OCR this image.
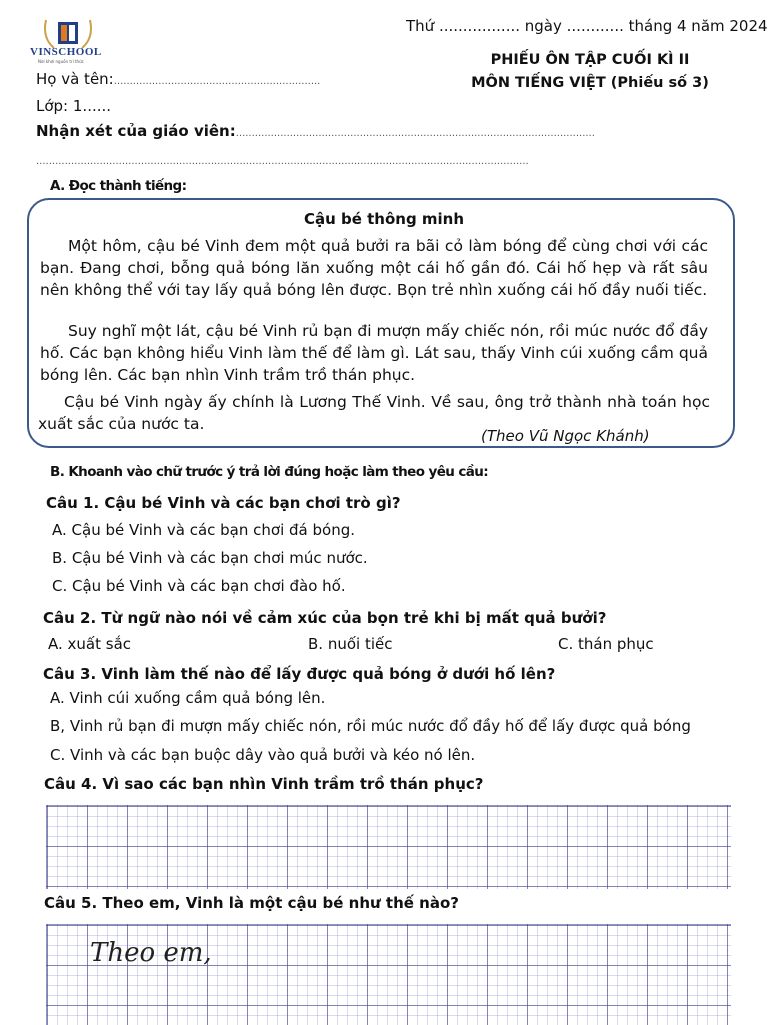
VINSCHOOL
Nơi khơi nguồn tri thức
Thứ ................. ngày ............ tháng 4 năm 2024
PHIẾU ÔN TẬP CUỐI KÌ II
MÔN TIẾNG VIỆT (Phiếu số 3)
Họ và tên:.................................................................
Lớp: 1......
Nhận xét của giáo viên:.................................................................................................................
...........................................................................................................................................................
A. Đọc thành tiếng:
Cậu bé thông minh

Một hôm, cậu bé Vinh đem một quả bưởi ra bãi cỏ làm bóng để cùng chơi với các bạn. Đang chơi, bỗng quả bóng lăn xuống một cái hố gần đó. Cái hố hẹp và rất sâu nên không thể với tay lấy quả bóng lên được. Bọn trẻ nhìn xuống cái hố đầy nuối tiếc.

Suy nghĩ một lát, cậu bé Vinh rủ bạn đi mượn mấy chiếc nón, rồi múc nước đổ đầy hố. Các bạn không hiểu Vinh làm thế để làm gì. Lát sau, thấy Vinh cúi xuống cầm quả bóng lên. Các bạn nhìn Vinh trầm trồ thán phục.

Cậu bé Vinh ngày ấy chính là Lương Thế Vinh. Về sau, ông trở thành nhà toán học xuất sắc của nước ta.

(Theo Vũ Ngọc Khánh)
B. Khoanh vào chữ trước ý trả lời đúng hoặc làm theo yêu cầu:
Câu 1. Cậu bé Vinh và các bạn chơi trò gì?
A. Cậu bé Vinh và các bạn chơi đá bóng.
B. Cậu bé Vinh và các bạn chơi múc nước.
C. Cậu bé Vinh và các bạn chơi đào hố.
Câu 2. Từ ngữ nào nói về cảm xúc của bọn trẻ khi bị mất quả bưởi?
A. xuất sắc	B. nuối tiếc	C. thán phục
Câu 3. Vinh làm thế nào để lấy được quả bóng ở dưới hố lên?
A. Vinh cúi xuống cầm quả bóng lên.
B, Vinh rủ bạn đi mượn mấy chiếc nón, rồi múc nước đổ đầy hố để lấy được quả bóng
C. Vinh và các bạn buộc dây vào quả bưởi và kéo nó lên.
Câu 4. Vì sao các bạn nhìn Vinh trầm trồ thán phục?
Câu 5. Theo em, Vinh là một cậu bé như thế nào?
Theo em,
